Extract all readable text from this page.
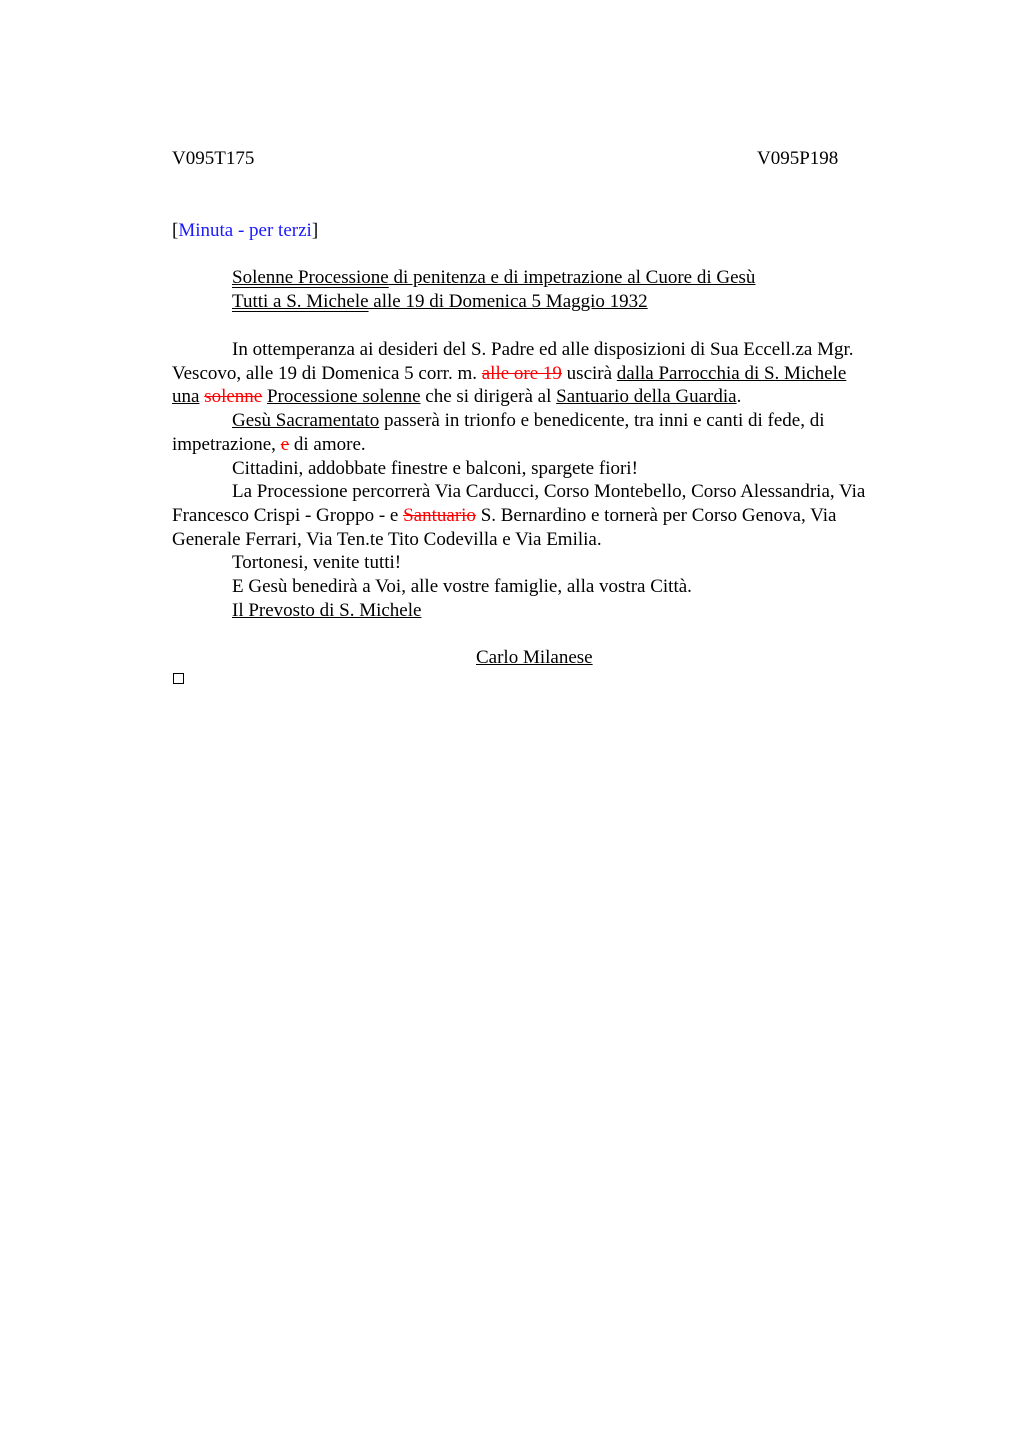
V095T175	V095P198
[Minuta - per terzi]
Solenne Processione di penitenza e di impetrazione al Cuore di Gesù
Tutti a S. Michele alle 19 di Domenica 5 Maggio 1932
In ottemperanza ai desideri del S. Padre ed alle disposizioni di Sua Eccell.za Mgr.
Vescovo, alle 19 di Domenica 5 corr. m. alle ore 19 uscirà dalla Parrocchia di S. Michele
una solenne Processione solenne che si dirigerà al Santuario della Guardia.
Gesù Sacramentato passerà in trionfo e benedicente, tra inni e canti di fede, di
impetrazione, e di amore.
Cittadini, addobbate finestre e balconi, spargete fiori!
La Processione percorrerà Via Carducci, Corso Montebello, Corso Alessandria, Via
Francesco Crispi - Groppo - e Santuario S. Bernardino e tornerà per Corso Genova, Via
Generale Ferrari, Via Ten.te Tito Codevilla e Via Emilia.
Tortonesi, venite tutti!
E Gesù benedirà a Voi, alle vostre famiglie, alla vostra Città.
Il Prevosto di S. Michele
Carlo Milanese
